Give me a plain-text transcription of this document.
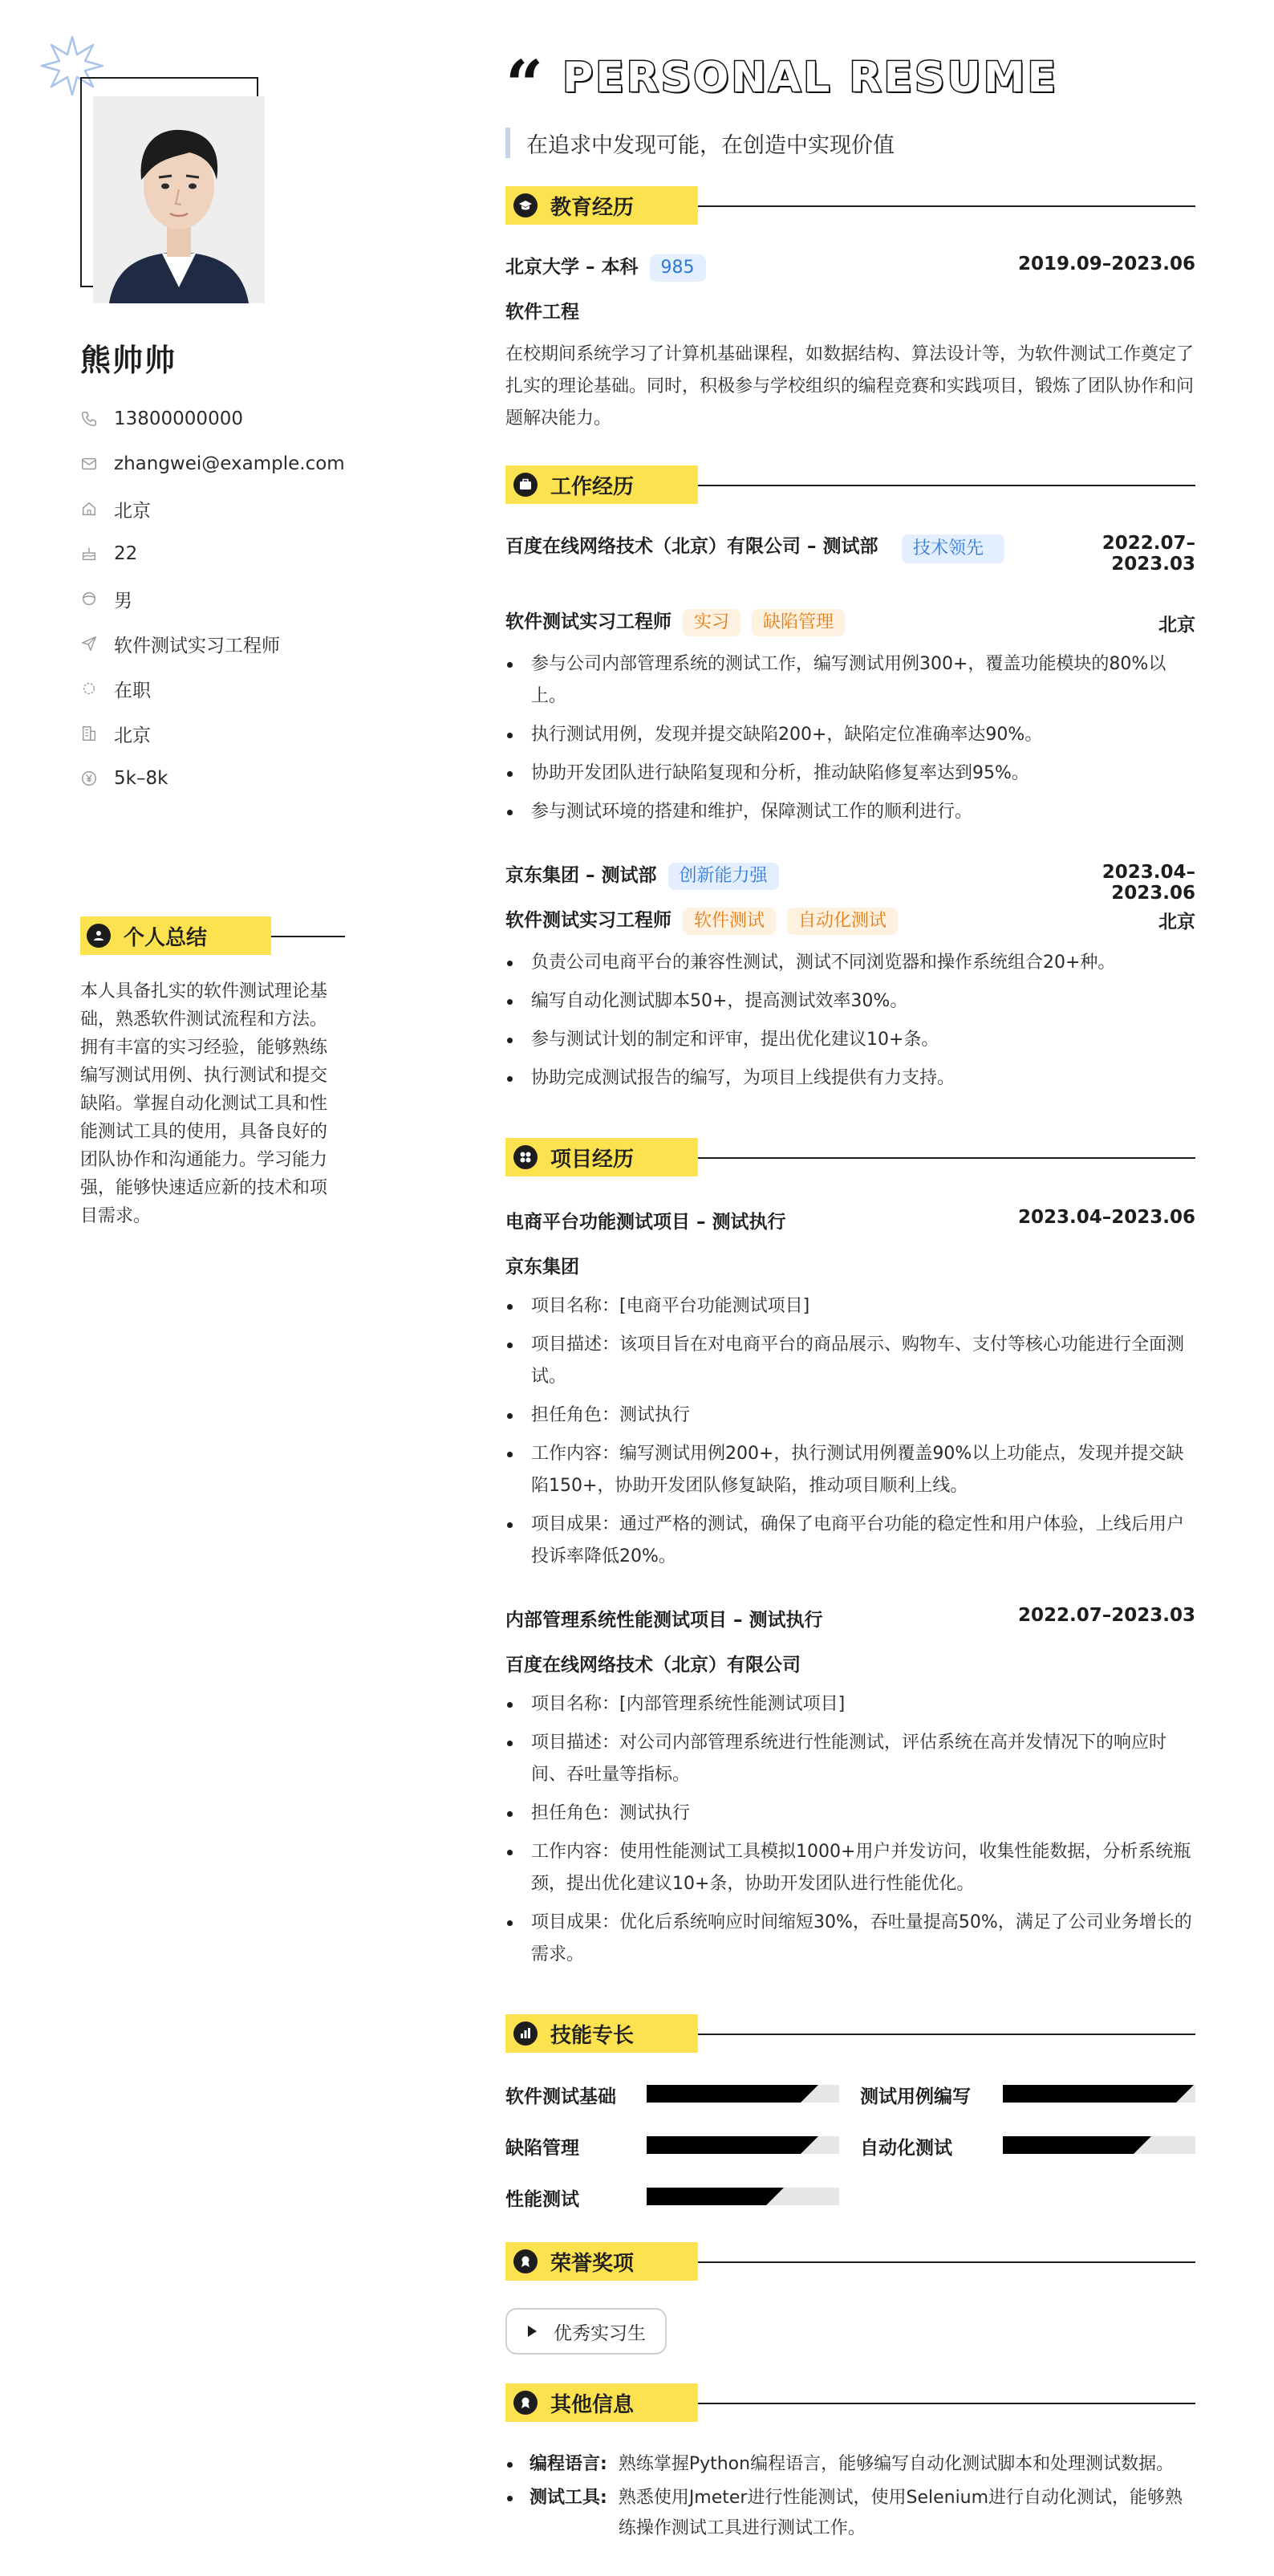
熊帅帅
13800000000
zhangwei@example.com
北京
22
男
软件测试实习工程师
在职
北京
5k–8k
个人总结

本人具备扎实的软件测试理论基础，熟悉软件测试流程和方法。拥有丰富的实习经验，能够熟练编写测试用例、执行测试和提交缺陷。掌握自动化测试工具和性能测试工具的使用，具备良好的团队协作和沟通能力。学习能力强，能够快速适应新的技术和项目需求。

“ PERSONAL RESUME
在追求中发现可能，在创造中实现价值
教育经历
北京大学 – 本科 985	2019.09–2023.06
软件工程

在校期间系统学习了计算机基础课程，如数据结构、算法设计等，为软件测试工作奠定了扎实的理论基础。同时，积极参与学校组织的编程竞赛和实践项目，锻炼了团队协作和问题解决能力。

工作经历
百度在线网络技术（北京）有限公司 – 测试部	技术领先	2022.07–2023.03
软件测试实习工程师 实习 缺陷管理	北京
参与公司内部管理系统的测试工作，编写测试用例300+，覆盖功能模块的80%以上。
执行测试用例，发现并提交缺陷200+，缺陷定位准确率达90%。
协助开发团队进行缺陷复现和分析，推动缺陷修复率达到95%。
参与测试环境的搭建和维护，保障测试工作的顺利进行。
京东集团 – 测试部 创新能力强	2023.04–2023.06
软件测试实习工程师 软件测试 自动化测试	北京
负责公司电商平台的兼容性测试，测试不同浏览器和操作系统组合20+种。
编写自动化测试脚本50+，提高测试效率30%。
参与测试计划的制定和评审，提出优化建议10+条。
协助完成测试报告的编写，为项目上线提供有力支持。
项目经历
电商平台功能测试项目 – 测试执行	2023.04–2023.06
京东集团
项目名称：[电商平台功能测试项目]
项目描述：该项目旨在对电商平台的商品展示、购物车、支付等核心功能进行全面测试。
担任角色：测试执行
工作内容：编写测试用例200+，执行测试用例覆盖90%以上功能点，发现并提交缺陷150+，协助开发团队修复缺陷，推动项目顺利上线。
项目成果：通过严格的测试，确保了电商平台功能的稳定性和用户体验，上线后用户投诉率降低20%。
内部管理系统性能测试项目 – 测试执行	2022.07–2023.03
百度在线网络技术（北京）有限公司
项目名称：[内部管理系统性能测试项目]
项目描述：对公司内部管理系统进行性能测试，评估系统在高并发情况下的响应时间、吞吐量等指标。
担任角色：测试执行
工作内容：使用性能测试工具模拟1000+用户并发访问，收集性能数据，分析系统瓶颈，提出优化建议10+条，协助开发团队进行性能优化。
项目成果：优化后系统响应时间缩短30%，吞吐量提高50%，满足了公司业务增长的需求。
技能专长
软件测试基础	测试用例编写
缺陷管理	自动化测试
性能测试
荣誉奖项
优秀实习生
其他信息
编程语言: 熟练掌握Python编程语言，能够编写自动化测试脚本和处理测试数据。
测试工具: 熟悉使用Jmeter进行性能测试，使用Selenium进行自动化测试，能够熟练操作测试工具进行测试工作。
